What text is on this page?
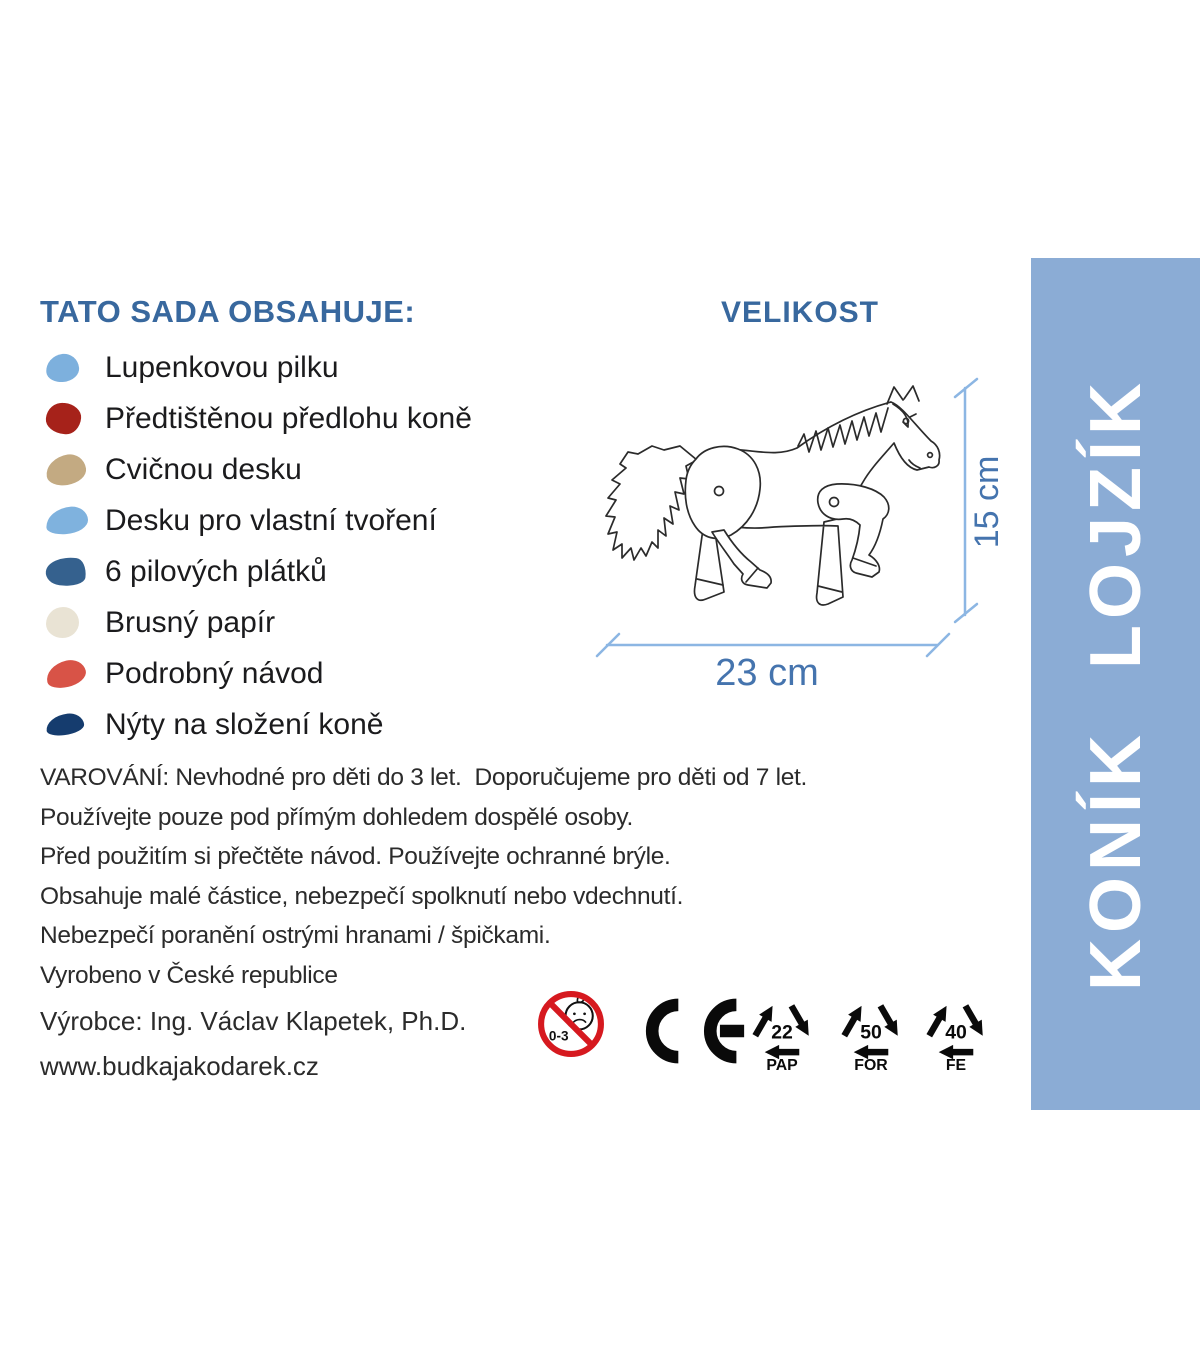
TATO SADA OBSAHUJE:
Lupenkovou pilku
Předtištěnou předlohu koně
Cvičnou desku
Desku pro vlastní tvoření
6 pilových plátků
Brusný papír
Podrobný návod
Nýty na složení koně
VELIKOST
15 cm
23 cm

VAROVÁNÍ: Nevhodné pro děti do 3 let.  Doporučujeme pro děti od 7 let.

Používejte pouze pod přímým dohledem dospělé osoby.

Před použitím si přečtěte návod. Používejte ochranné brýle.

Obsahuje malé částice, nebezpečí spolknutí nebo vdechnutí.

Nebezpečí poranění ostrými hranami / špičkami.

Vyrobeno v České republice

Výrobce: Ing. Václav Klapetek, Ph.D.

www.budkajakodarek.cz

0-3	22
PAP
50
FOR
40
FE
KONÍK LOJZÍK
